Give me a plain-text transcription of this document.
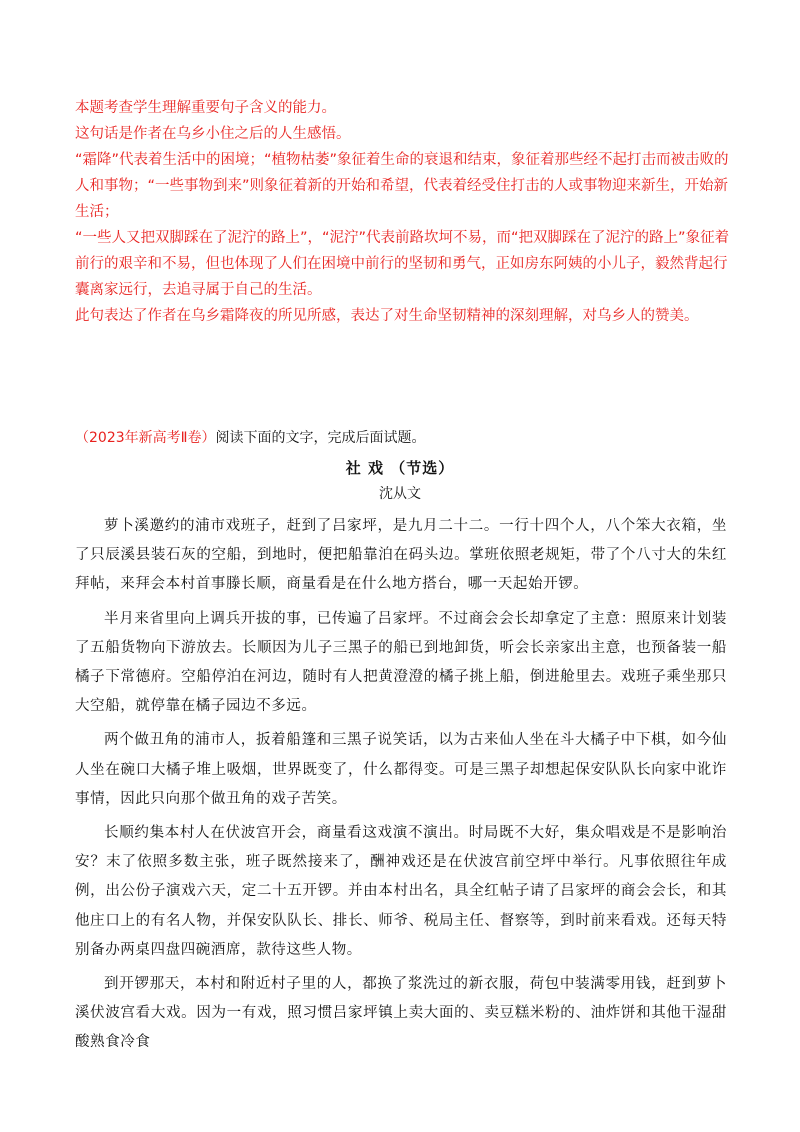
本题考查学生理解重要句子含义的能力。

这句话是作者在乌乡小住之后的人生感悟。

“霜降”代表着生活中的困境；“植物枯萎”象征着生命的衰退和结束，象征着那些经不起打击而被击败的人和事物；“一些事物到来”则象征着新的开始和希望，代表着经受住打击的人或事物迎来新生，开始新生活；

“一些人又把双脚踩在了泥泞的路上”，“泥泞”代表前路坎坷不易，而“把双脚踩在了泥泞的路上”象征着前行的艰辛和不易，但也体现了人们在困境中前行的坚韧和勇气，正如房东阿姨的小儿子，毅然背起行囊离家远行，去追寻属于自己的生活。

此句表达了作者在乌乡霜降夜的所见所感，表达了对生命坚韧精神的深刻理解，对乌乡人的赞美。

（2023年新高考Ⅱ卷）阅读下面的文字，完成后面试题。
社 戏 （节选）
沈从文

萝卜溪邀约的浦市戏班子，赶到了吕家坪，是九月二十二。一行十四个人，八个笨大衣箱，坐了只辰溪县装石灰的空船，到地时，便把船靠泊在码头边。掌班依照老规矩，带了个八寸大的朱红拜帖，来拜会本村首事滕长顺，商量看是在什么地方搭台，哪一天起始开锣。

半月来省里向上调兵开拔的事，已传遍了吕家坪。不过商会会长却拿定了主意：照原来计划装了五船货物向下游放去。长顺因为儿子三黑子的船已到地卸货，听会长亲家出主意，也预备装一船橘子下常德府。空船停泊在河边，随时有人把黄澄澄的橘子挑上船，倒进舱里去。戏班子乘坐那只大空船，就停靠在橘子园边不多远。

两个做丑角的浦市人，扳着船篷和三黑子说笑话，以为古来仙人坐在斗大橘子中下棋，如今仙人坐在碗口大橘子堆上吸烟，世界既变了，什么都得变。可是三黑子却想起保安队队长向家中讹诈事情，因此只向那个做丑角的戏子苦笑。

长顺约集本村人在伏波宫开会，商量看这戏演不演出。时局既不大好，集众唱戏是不是影响治安？末了依照多数主张，班子既然接来了，酬神戏还是在伏波宫前空坪中举行。凡事依照往年成例，出公份子演戏六天，定二十五开锣。并由本村出名，具全红帖子请了吕家坪的商会会长，和其他庄口上的有名人物，并保安队队长、排长、师爷、税局主任、督察等，到时前来看戏。还每天特别备办两桌四盘四碗酒席，款待这些人物。

到开锣那天，本村和附近村子里的人，都换了浆洗过的新衣服，荷包中装满零用钱，赶到萝卜溪伏波宫看大戏。因为一有戏，照习惯吕家坪镇上卖大面的、卖豆糕米粉的、油炸饼和其他干湿甜酸熟食冷食
